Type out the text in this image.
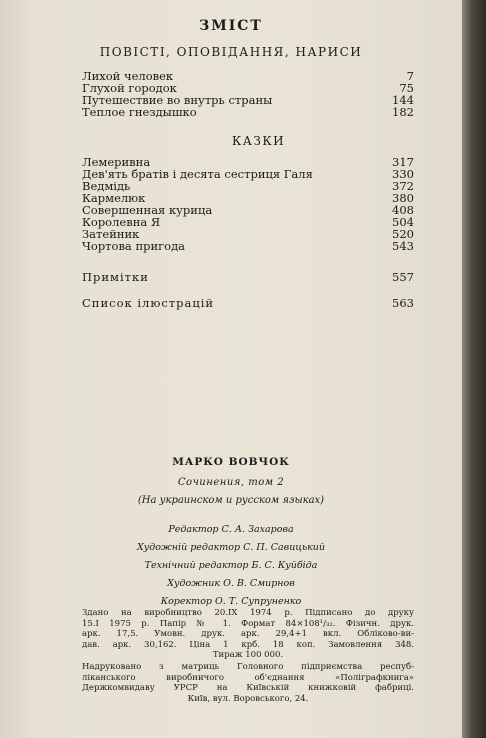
ЗМІСТ
ПОВІСТІ, ОПОВІДАННЯ, НАРИСИ
Лихой человек	7
Глухой городок	75
Путешествие во внутрь страны	144
Теплое гнездышко	182
КАЗКИ
Лемеривна	317
Дев'ять братів і десята сестриця Галя	330
Ведмідь	372
Кармелюк	380
Совершенная курица	408
Королевна Я	504
Затейник	520
Чортова пригода	543
Примітки	557
Список ілюстрацій	563
МАРКО ВОВЧОК
Сочинения, том 2
(На украинском и русском языках)
Редактор С. А. Захарова
Художній редактор С. П. Савицький
Технічний редактор Б. С. Куйбіда
Художник О. В. Смирнов
Коректор О. Т. Супруненко
Здано на виробництво 20.IX 1974 р. Підписано до друку
15.I 1975 р. Папір № 1. Формат 84×108¹/₃₂. Фізичн. друк.
арк. 17,5. Умовн. друк. арк. 29,4+1 вкл. Обліково-ви-
дав. арк. 30,162. Ціна 1 крб. 18 коп. Замовлення 348.
Тираж 100 000.
Надруковано з матриць Головного підприємства респуб-
ліканського виробничого об'єднання «Поліграфкнига»
Держкомвидаву УРСР на Київській книжковій фабриці.
Київ, вул. Воровського, 24.
